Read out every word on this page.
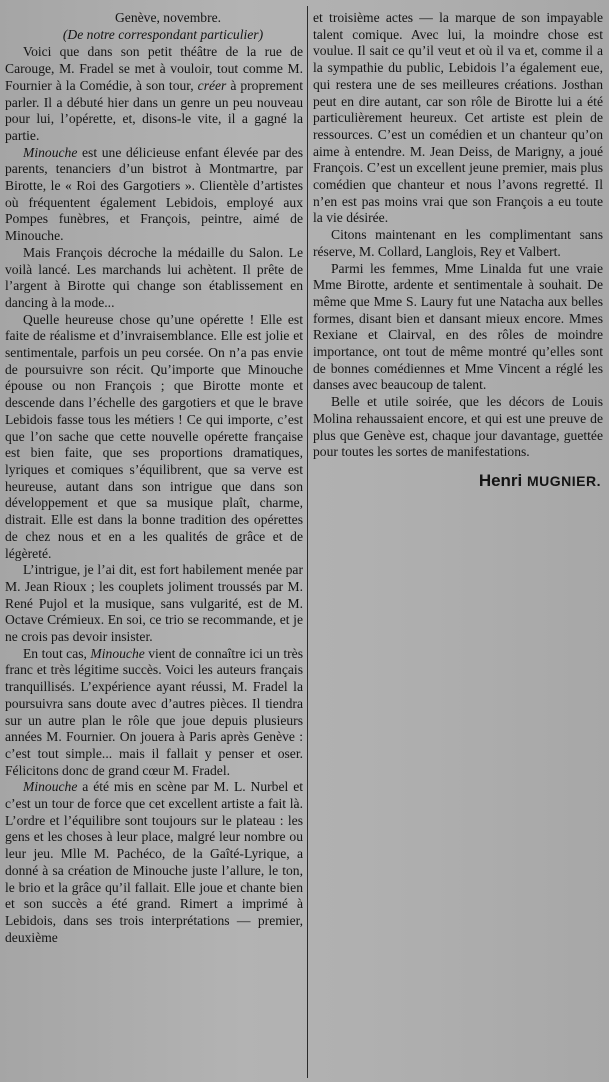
Genève, novembre.

(De notre correspondant particulier)

Voici que dans son petit théâtre de la rue de Carouge, M. Fradel se met à vouloir, tout comme M. Fournier à la Comédie, à son tour, créer à proprement parler. Il a débuté hier dans un genre un peu nouveau pour lui, l’opérette, et, disons-le vite, il a gagné la partie.

Minouche est une délicieuse enfant élevée par des parents, tenanciers d’un bistrot à Montmartre, par Birotte, le « Roi des Gargotiers ». Clientèle d’artistes où fréquentent également Lebidois, employé aux Pompes funèbres, et François, peintre, aimé de Minouche.

Mais François décroche la médaille du Salon. Le voilà lancé. Les marchands lui achètent. Il prête de l’argent à Birotte qui change son établissement en dancing à la mode...

Quelle heureuse chose qu’une opérette ! Elle est faite de réalisme et d’invraisemblance. Elle est jolie et sentimentale, parfois un peu corsée. On n’a pas envie de poursuivre son récit. Qu’importe que Minouche épouse ou non François ; que Birotte monte et descende dans l’échelle des gargotiers et que le brave Lebidois fasse tous les métiers ! Ce qui importe, c’est que l’on sache que cette nouvelle opérette française est bien faite, que ses proportions dramatiques, lyriques et comiques s’équilibrent, que sa verve est heureuse, autant dans son intrigue que dans son développement et que sa musique plaît, charme, distrait. Elle est dans la bonne tradition des opérettes de chez nous et en a les qualités de grâce et de légèreté.

L’intrigue, je l’ai dit, est fort habilement menée par M. Jean Rioux ; les couplets joliment troussés par M. René Pujol et la musique, sans vulgarité, est de M. Octave Crémieux. En soi, ce trio se recommande, et je ne crois pas devoir insister.

En tout cas, Minouche vient de connaître ici un très franc et très légitime succès. Voici les auteurs français tranquillisés. L’expérience ayant réussi, M. Fradel la poursuivra sans doute avec d’autres pièces. Il tiendra sur un autre plan le rôle que joue depuis plusieurs années M. Fournier. On jouera à Paris après Genève : c’est tout simple... mais il fallait y penser et oser. Félicitons donc de grand cœur M. Fradel.

Minouche a été mis en scène par M. L. Nurbel et c’est un tour de force que cet excellent artiste a fait là. L’ordre et l’équilibre sont toujours sur le plateau : les gens et les choses à leur place, malgré leur nombre ou leur jeu. Mlle M. Pachéco, de la Gaîté-Lyrique, a donné à sa création de Minouche juste l’allure, le ton, le brio et la grâce qu’il fallait. Elle joue et chante bien et son succès a été grand. Rimert a imprimé à Lebidois, dans ses trois interprétations — premier, deuxième

et troisième actes — la marque de son impayable talent comique. Avec lui, la moindre chose est voulue. Il sait ce qu’il veut et où il va et, comme il a la sympathie du public, Lebidois l’a également eue, qui restera une de ses meilleures créations. Josthan peut en dire autant, car son rôle de Birotte lui a été particulièrement heureux. Cet artiste est plein de ressources. C’est un comédien et un chanteur qu’on aime à entendre. M. Jean Deiss, de Marigny, a joué François. C’est un excellent jeune premier, mais plus comédien que chanteur et nous l’avons regretté. Il n’en est pas moins vrai que son François a eu toute la vie désirée.

Citons maintenant en les complimentant sans réserve, M. Collard, Langlois, Rey et Valbert.

Parmi les femmes, Mme Linalda fut une vraie Mme Birotte, ardente et sentimentale à souhait. De même que Mme S. Laury fut une Natacha aux belles formes, disant bien et dansant mieux encore. Mmes Rexiane et Clairval, en des rôles de moindre importance, ont tout de même montré qu’elles sont de bonnes comédiennes et Mme Vincent a réglé les danses avec beaucoup de talent.

Belle et utile soirée, que les décors de Louis Molina rehaussaient encore, et qui est une preuve de plus que Genève est, chaque jour davantage, guettée pour toutes les sortes de manifestations.

Henri MUGNIER.
